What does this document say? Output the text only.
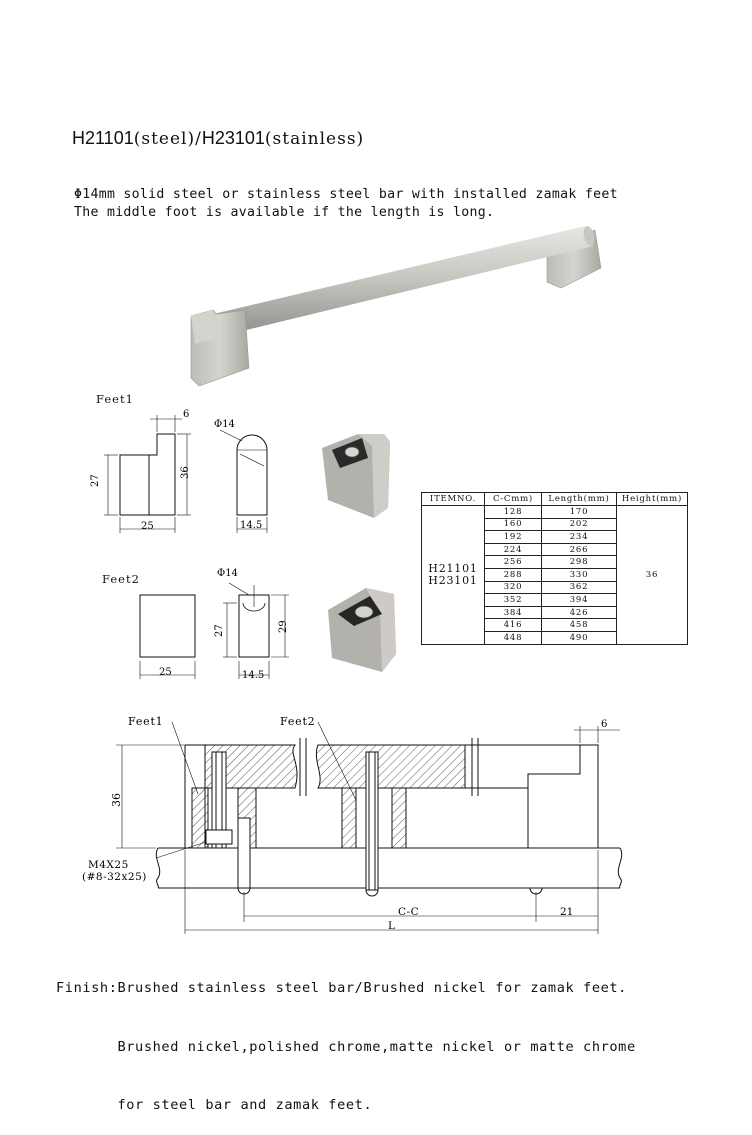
H21101(steel)/H23101(stainless)
Φ14mm solid steel or stainless steel bar with installed zamak feet
The middle foot is available if the length is long.
Feet1
27
36
6
25
Φ14
14.5
Feet2
25
Φ14
27	29
14.5
ITEMNO.	C-Cmm)	Length(mm)	Height(mm)

H21101
H23101	128	170	36
	160	202	
	192	234	
	224	266	
	256	298	
	288	330	
	320	362	
	352	394	
	384	426	
	416	458	
	448	490	
Feet1	Feet2
36
6
M4X25
(#8-32x25)
C-C	21
L

Finish:Brushed stainless steel bar/Brushed nickel for zamak feet.

Brushed nickel,polished chrome,matte nickel or matte chrome

for steel bar and zamak feet.
